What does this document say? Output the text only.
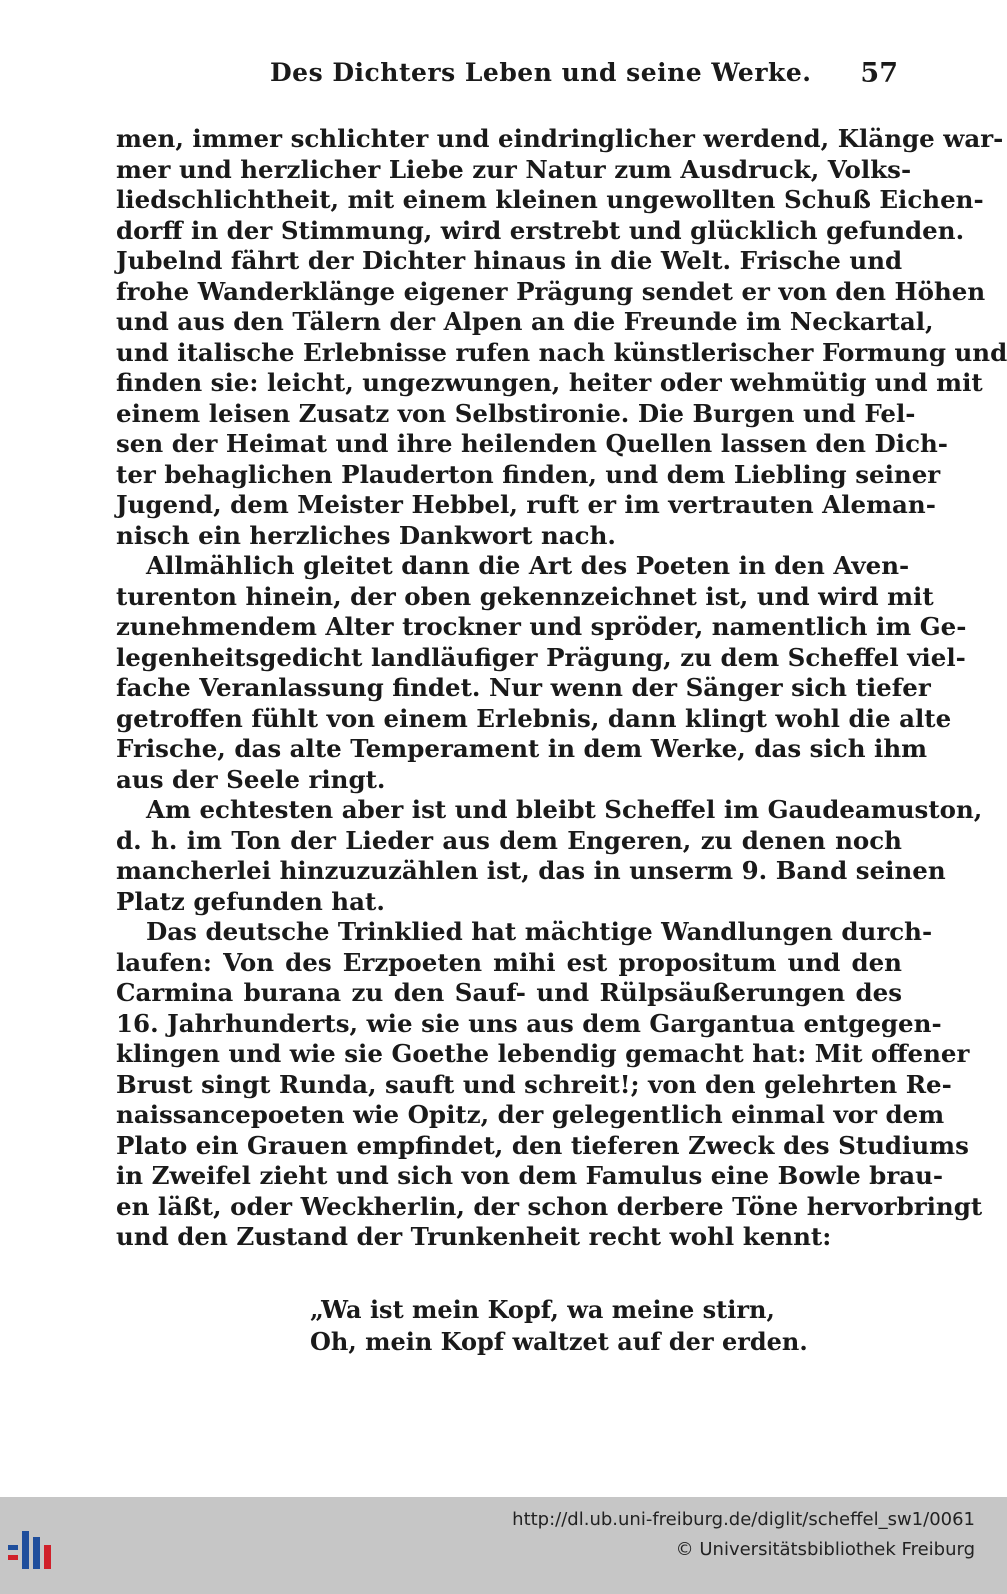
Des Dichters Leben und seine Werke. 57
men, immer schlichter und eindringlicher werdend, Klänge war-
mer und herzlicher Liebe zur Natur zum Ausdruck, Volks-
liedschlichtheit, mit einem kleinen ungewollten Schuß Eichen-
dorff in der Stimmung, wird erstrebt und glücklich gefunden.
Jubelnd fährt der Dichter hinaus in die Welt. Frische und
frohe Wanderklänge eigener Prägung sendet er von den Höhen
und aus den Tälern der Alpen an die Freunde im Neckartal,
und italische Erlebnisse rufen nach künstlerischer Formung und
finden sie: leicht, ungezwungen, heiter oder wehmütig und mit
einem leisen Zusatz von Selbstironie. Die Burgen und Fel-
sen der Heimat und ihre heilenden Quellen lassen den Dich-
ter behaglichen Plauderton finden, und dem Liebling seiner
Jugend, dem Meister Hebbel, ruft er im vertrauten Aleman-
nisch ein herzliches Dankwort nach.
Allmählich gleitet dann die Art des Poeten in den Aven-
turenton hinein, der oben gekennzeichnet ist, und wird mit
zunehmendem Alter trockner und spröder, namentlich im Ge-
legenheitsgedicht landläufiger Prägung, zu dem Scheffel viel-
fache Veranlassung findet. Nur wenn der Sänger sich tiefer
getroffen fühlt von einem Erlebnis, dann klingt wohl die alte
Frische, das alte Temperament in dem Werke, das sich ihm
aus der Seele ringt.
Am echtesten aber ist und bleibt Scheffel im Gaudeamuston,
d. h. im Ton der Lieder aus dem Engeren, zu denen noch
mancherlei hinzuzuzählen ist, das in unserm 9. Band seinen
Platz gefunden hat.
Das deutsche Trinklied hat mächtige Wandlungen durch-
laufen: Von des Erzpoeten mihi est propositum und den
Carmina burana zu den Sauf- und Rülpsäußerungen des
16. Jahrhunderts, wie sie uns aus dem Gargantua entgegen-
klingen und wie sie Goethe lebendig gemacht hat: Mit offener
Brust singt Runda, sauft und schreit!; von den gelehrten Re-
naissancepoeten wie Opitz, der gelegentlich einmal vor dem
Plato ein Grauen empfindet, den tieferen Zweck des Studiums
in Zweifel zieht und sich von dem Famulus eine Bowle brau-
en läßt, oder Weckherlin, der schon derbere Töne hervorbringt
und den Zustand der Trunkenheit recht wohl kennt:
„Wa ist mein Kopf, wa meine stirn,
Oh, mein Kopf waltzet auf der erden.
http://dl.ub.uni-freiburg.de/diglit/scheffel_sw1/0061
© Universitätsbibliothek Freiburg
